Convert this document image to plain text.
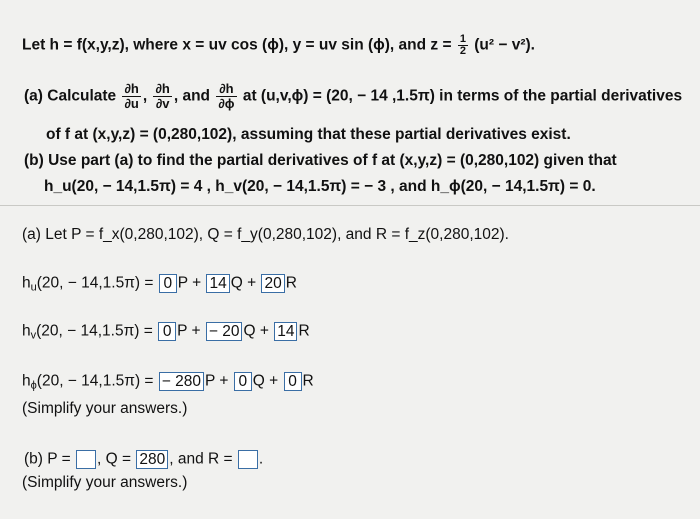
Let h = f(x,y,z), where x = uv cos (ϕ), y = uv sin (ϕ), and $z = \frac{1}{2} (u^2 - v^2)$.
(a) Calculate $\frac{\partial h}{\partial u}$ , $\frac{\partial h}{\partial v}$ , and $\frac{\partial h}{\partial\phi}$ at (u,v,ϕ) = (20, − 14 ,1.5π) in terms of the partial derivatives
of f at (x,y,z) = (0,280,102), assuming that these partial derivatives exist.
(b) Use part (a) to find the partial derivatives of f at (x,y,z) = (0,280,102) given that
h_u(20, − 14,1.5π) = 4 , h_v(20, − 14,1.5π) = − 3 , and h_ϕ(20, − 14,1.5π) = 0.
(a) Let P = f_x(0,280,102), Q = f_y(0,280,102), and R = f_z(0,280,102).
$h_u(20$, − 14,1.5π) = 0 P + 14 Q + 20 R
$h_v(20$, − 14,1.5π) = 0 P + − 20 Q + 14 R
$h_\phi(20$, − 14,1.5π) = − 280 P + 0 Q + 0 R
(Simplify your answers.)
(b) P = , Q = 280 , and R = .
(Simplify your answers.)
